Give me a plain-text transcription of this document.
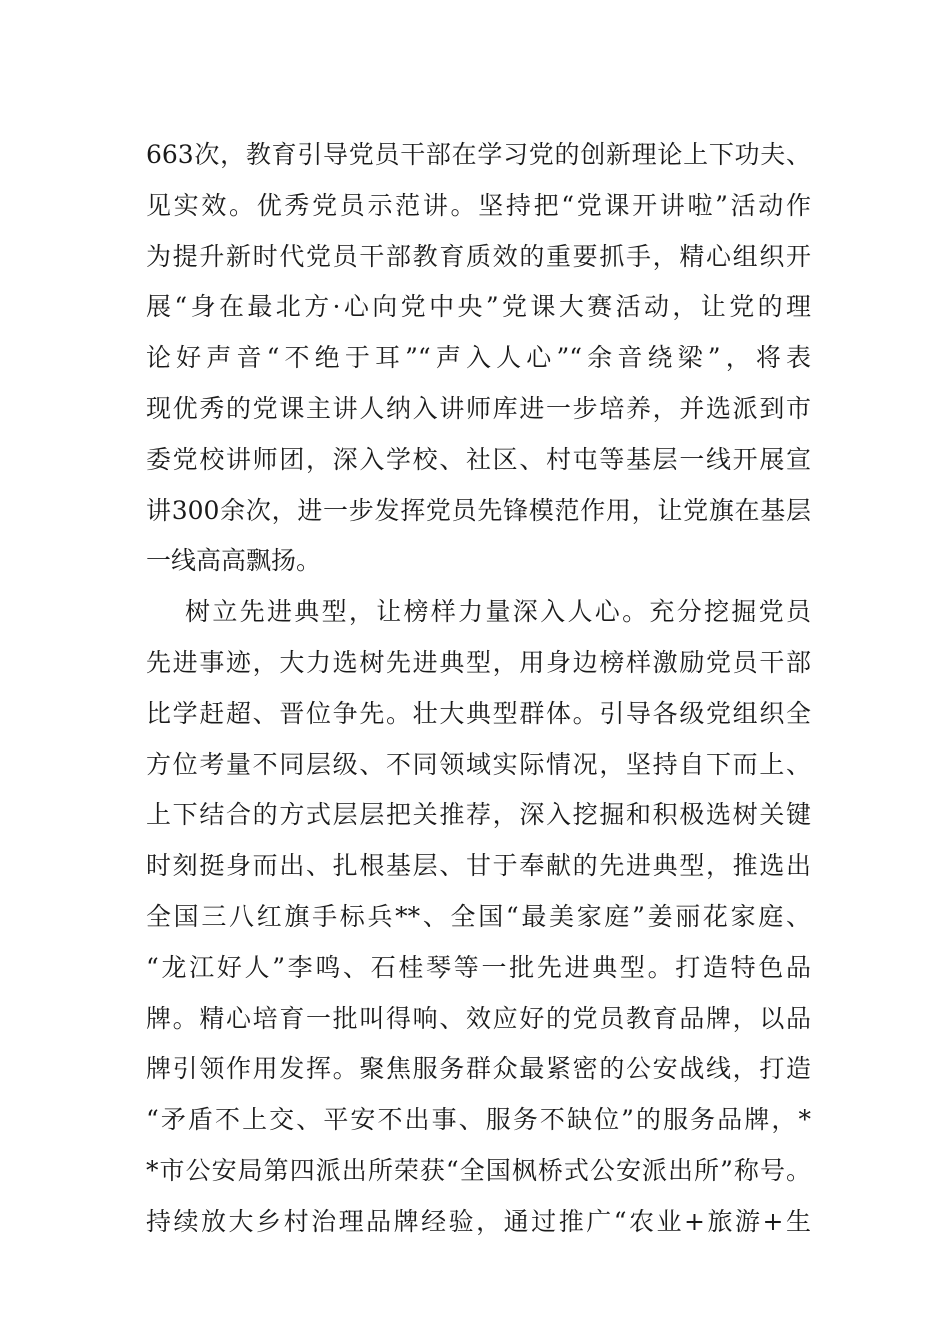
663次，教育引导党员干部在学习党的创新理论上下功夫、
见实效。优秀党员示范讲。坚持把“党课开讲啦”活动作
为提升新时代党员干部教育质效的重要抓手，精心组织开
展“身在最北方·心向党中央”党课大赛活动，让党的理
论好声音“不绝于耳”“声入人心”“余音绕梁”，将表
现优秀的党课主讲人纳入讲师库进一步培养，并选派到市
委党校讲师团，深入学校、社区、村屯等基层一线开展宣
讲300余次，进一步发挥党员先锋模范作用，让党旗在基层
一线高高飘扬。
树立先进典型，让榜样力量深入人心。充分挖掘党员
先进事迹，大力选树先进典型，用身边榜样激励党员干部
比学赶超、晋位争先。壮大典型群体。引导各级党组织全
方位考量不同层级、不同领域实际情况，坚持自下而上、
上下结合的方式层层把关推荐，深入挖掘和积极选树关键
时刻挺身而出、扎根基层、甘于奉献的先进典型，推选出
全国三八红旗手标兵**、全国“最美家庭”姜丽花家庭、
“龙江好人”李鸣、石桂琴等一批先进典型。打造特色品
牌。精心培育一批叫得响、效应好的党员教育品牌，以品
牌引领作用发挥。聚焦服务群众最紧密的公安战线，打造
“矛盾不上交、平安不出事、服务不缺位”的服务品牌，*
*市公安局第四派出所荣获“全国枫桥式公安派出所”称号。
持续放大乡村治理品牌经验，通过推广“农业+旅游+生
